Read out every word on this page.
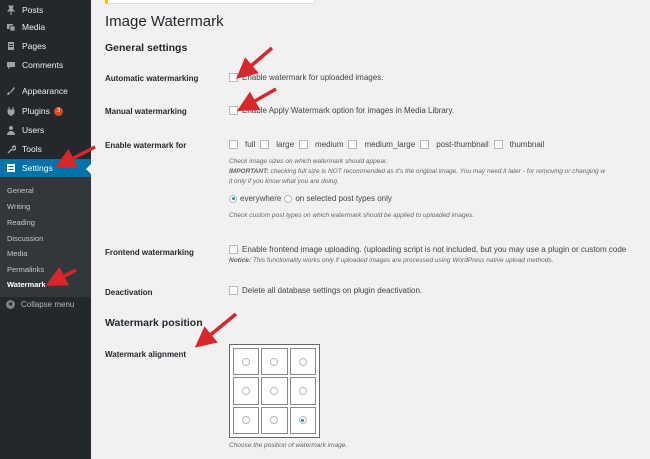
Posts
Media
Pages
Comments
Appearance
Plugins	3
Users
Tools
Settings
General
Writing
Reading
Discussion
Media
Permalinks
Watermark
Collapse menu
Image Watermark
General settings
Automatic watermarking	Enable watermark for uploaded images.
Manual watermarking	Enable Apply Watermark option for images in Media Library.
Enable watermark for	full	large	medium	medium_large	post-thumbnail	thumbnail
Check image sizes on which watermark should appear.
IMPORTANT: checking full size is NOT recommended as it's the original image. You may need it later - for removing or changing w
it only if you know what you are doing.
everywhere on selected post types only
Check custom post types on which watermark should be applied to uploaded images.
Frontend watermarking	Enable frontend image uploading. (uploading script is not included, but you may use a plugin or custom code
Notice: This functionality works only if uploaded images are processed using WordPress native upload methods.
Deactivation	Delete all database settings on plugin deactivation.
Watermark position
Watermark alignment
Choose the position of watermark image.
